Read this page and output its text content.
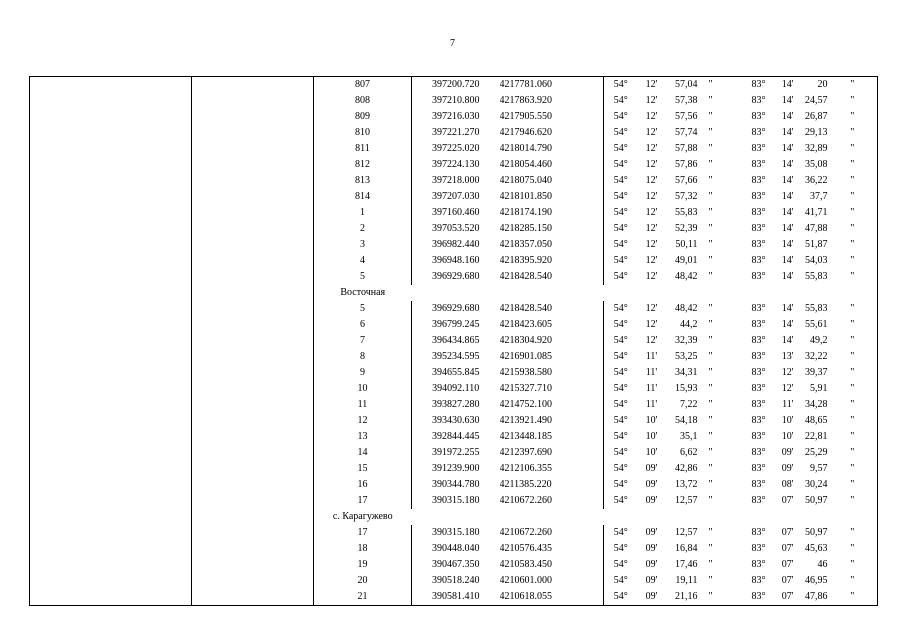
7
		807	397200.720	4217781.060	54°	12'	57,04	"	83°	14'	20	"
		808	397210.800	4217863.920	54°	12'	57,38	"	83°	14'	24,57	"
		809	397216.030	4217905.550	54°	12'	57,56	"	83°	14'	26,87	"
		810	397221.270	4217946.620	54°	12'	57,74	"	83°	14'	29,13	"
		811	397225.020	4218014.790	54°	12'	57,88	"	83°	14'	32,89	"
		812	397224.130	4218054.460	54°	12'	57,86	"	83°	14'	35,08	"
		813	397218.000	4218075.040	54°	12'	57,66	"	83°	14'	36,22	"
		814	397207.030	4218101.850	54°	12'	57,32	"	83°	14'	37,7	"
		1	397160.460	4218174.190	54°	12'	55,83	"	83°	14'	41,71	"
		2	397053.520	4218285.150	54°	12'	52,39	"	83°	14'	47,88	"
		3	396982.440	4218357.050	54°	12'	50,11	"	83°	14'	51,87	"
		4	396948.160	4218395.920	54°	12'	49,01	"	83°	14'	54,03	"
		5	396929.680	4218428.540	54°	12'	48,42	"	83°	14'	55,83	"
		Восточная										
		5	396929.680	4218428.540	54°	12'	48,42	"	83°	14'	55,83	"
		6	396799.245	4218423.605	54°	12'	44,2	"	83°	14'	55,61	"
		7	396434.865	4218304.920	54°	12'	32,39	"	83°	14'	49,2	"
		8	395234.595	4216901.085	54°	11'	53,25	"	83°	13'	32,22	"
		9	394655.845	4215938.580	54°	11'	34,31	"	83°	12'	39,37	"
		10	394092.110	4215327.710	54°	11'	15,93	"	83°	12'	5,91	"
		11	393827.280	4214752.100	54°	11'	7,22	"	83°	11'	34,28	"
		12	393430.630	4213921.490	54°	10'	54,18	"	83°	10'	48,65	"
		13	392844.445	4213448.185	54°	10'	35,1	"	83°	10'	22,81	"
		14	391972.255	4212397.690	54°	10'	6,62	"	83°	09'	25,29	"
		15	391239.900	4212106.355	54°	09'	42,86	"	83°	09'	9,57	"
		16	390344.780	4211385.220	54°	09'	13,72	"	83°	08'	30,24	"
		17	390315.180	4210672.260	54°	09'	12,57	"	83°	07'	50,97	"
		с. Карагужево										
		17	390315.180	4210672.260	54°	09'	12,57	"	83°	07'	50,97	"
		18	390448.040	4210576.435	54°	09'	16,84	"	83°	07'	45,63	"
		19	390467.350	4210583.450	54°	09'	17,46	"	83°	07'	46	"
		20	390518.240	4210601.000	54°	09'	19,11	"	83°	07'	46,95	"
		21	390581.410	4210618.055	54°	09'	21,16	"	83°	07'	47,86	"
